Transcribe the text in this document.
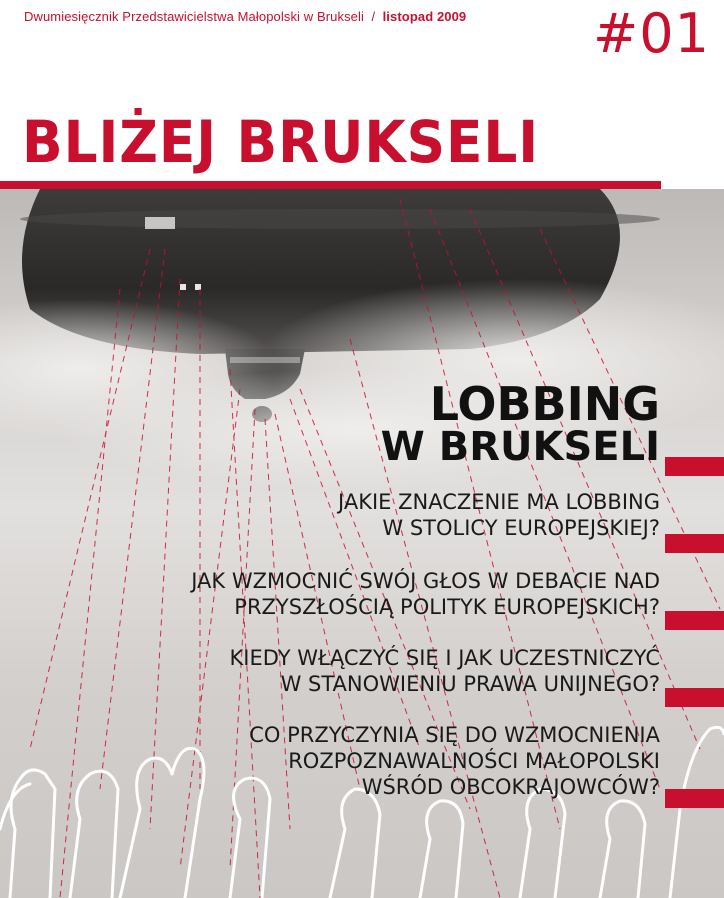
Dwumiesięcznik Przedstawicielstwa Małopolski w Brukseli / listopad 2009 #01
BLIŻEJ BRUKSELI
LOBBING
W BRUKSELI
JAKIE ZNACZENIE MA LOBBING
W STOLICY EUROPEJSKIEJ?
JAK WZMOCNIĆ SWÓJ GŁOS W DEBACIE NAD
PRZYSZŁOŚCIĄ POLITYK EUROPEJSKICH?
KIEDY WŁĄCZYĆ SIĘ I JAK UCZESTNICZYĆ
W STANOWIENIU PRAWA UNIJNEGO?
CO PRZYCZYNIA SIĘ DO WZMOCNIENIA
ROZPOZNAWALNOŚCI MAŁOPOLSKI
WŚRÓD OBCOKRAJOWCÓW?
